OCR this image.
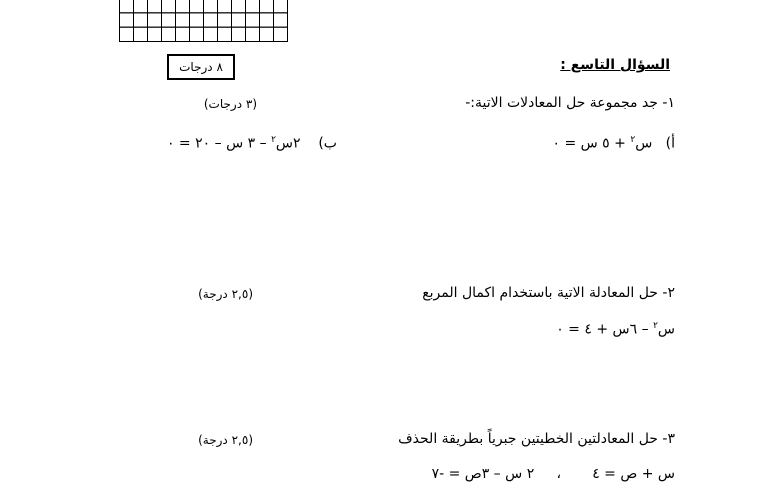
٨ درجات	السؤال التاسع :
١- جد مجموعة حل المعادلات الاتية:-
(٣ درجات)
أ)   س$^٢$ + ٥ س = ٠
ب)    ٢س$^٢$ – ٣ س – ٢٠ = ٠
٢- حل المعادلة الاتية باستخدام اكمال المربع
(٢,٥ درجة)
س$^٢$ – ٦س + ٤ = ٠
٣- حل المعادلتين الخطيتين جبرياً بطريقة الحذف
(٢,٥ درجة)
س + ص = ٤       ،     ٢ س – ٣ص = -٧
